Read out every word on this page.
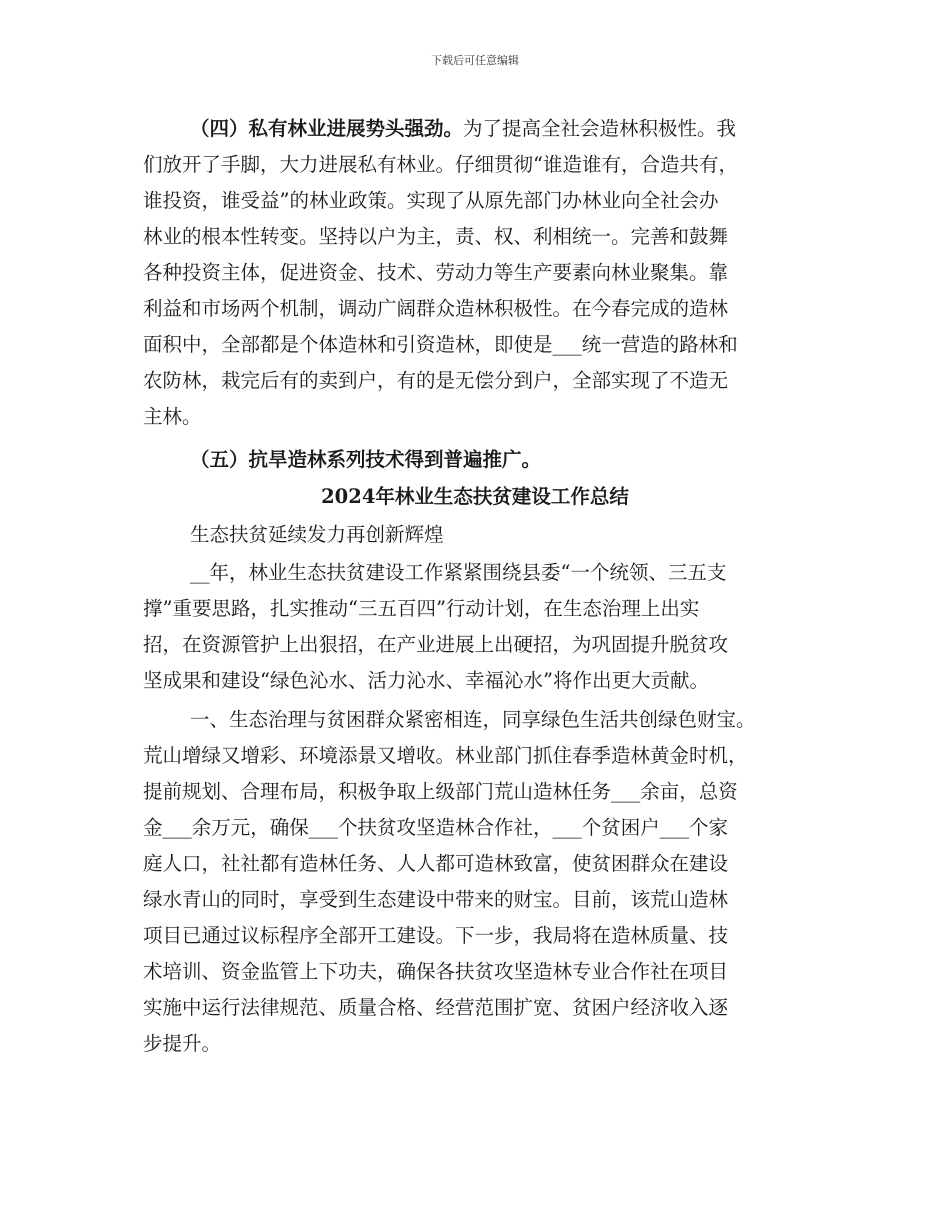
下载后可任意编辑
（四）私有林业进展势头强劲。为了提高全社会造林积极性。我
们放开了手脚，大力进展私有林业。仔细贯彻“谁造谁有，合造共有，
谁投资，谁受益”的林业政策。实现了从原先部门办林业向全社会办
林业的根本性转变。坚持以户为主，责、权、利相统一。完善和鼓舞
各种投资主体，促进资金、技术、劳动力等生产要素向林业聚集。靠
利益和市场两个机制，调动广阔群众造林积极性。在今春完成的造林
面积中，全部都是个体造林和引资造林，即使是___统一营造的路林和
农防林，栽完后有的卖到户，有的是无偿分到户，全部实现了不造无
主林。
（五）抗旱造林系列技术得到普遍推广。
2024年林业生态扶贫建设工作总结
生态扶贫延续发力再创新辉煌
__年，林业生态扶贫建设工作紧紧围绕县委“一个统领、三五支
撑”重要思路，扎实推动“三五百四”行动计划，在生态治理上出实
招，在资源管护上出狠招，在产业进展上出硬招，为巩固提升脱贫攻
坚成果和建设“绿色沁水、活力沁水、幸福沁水”将作出更大贡献。
一、生态治理与贫困群众紧密相连，同享绿色生活共创绿色财宝。
荒山增绿又增彩、环境添景又增收。林业部门抓住春季造林黄金时机，
提前规划、合理布局，积极争取上级部门荒山造林任务___余亩，总资
金___余万元，确保___个扶贫攻坚造林合作社，___个贫困户___个家
庭人口，社社都有造林任务、人人都可造林致富，使贫困群众在建设
绿水青山的同时，享受到生态建设中带来的财宝。目前，该荒山造林
项目已通过议标程序全部开工建设。下一步，我局将在造林质量、技
术培训、资金监管上下功夫，确保各扶贫攻坚造林专业合作社在项目
实施中运行法律规范、质量合格、经营范围扩宽、贫困户经济收入逐
步提升。
